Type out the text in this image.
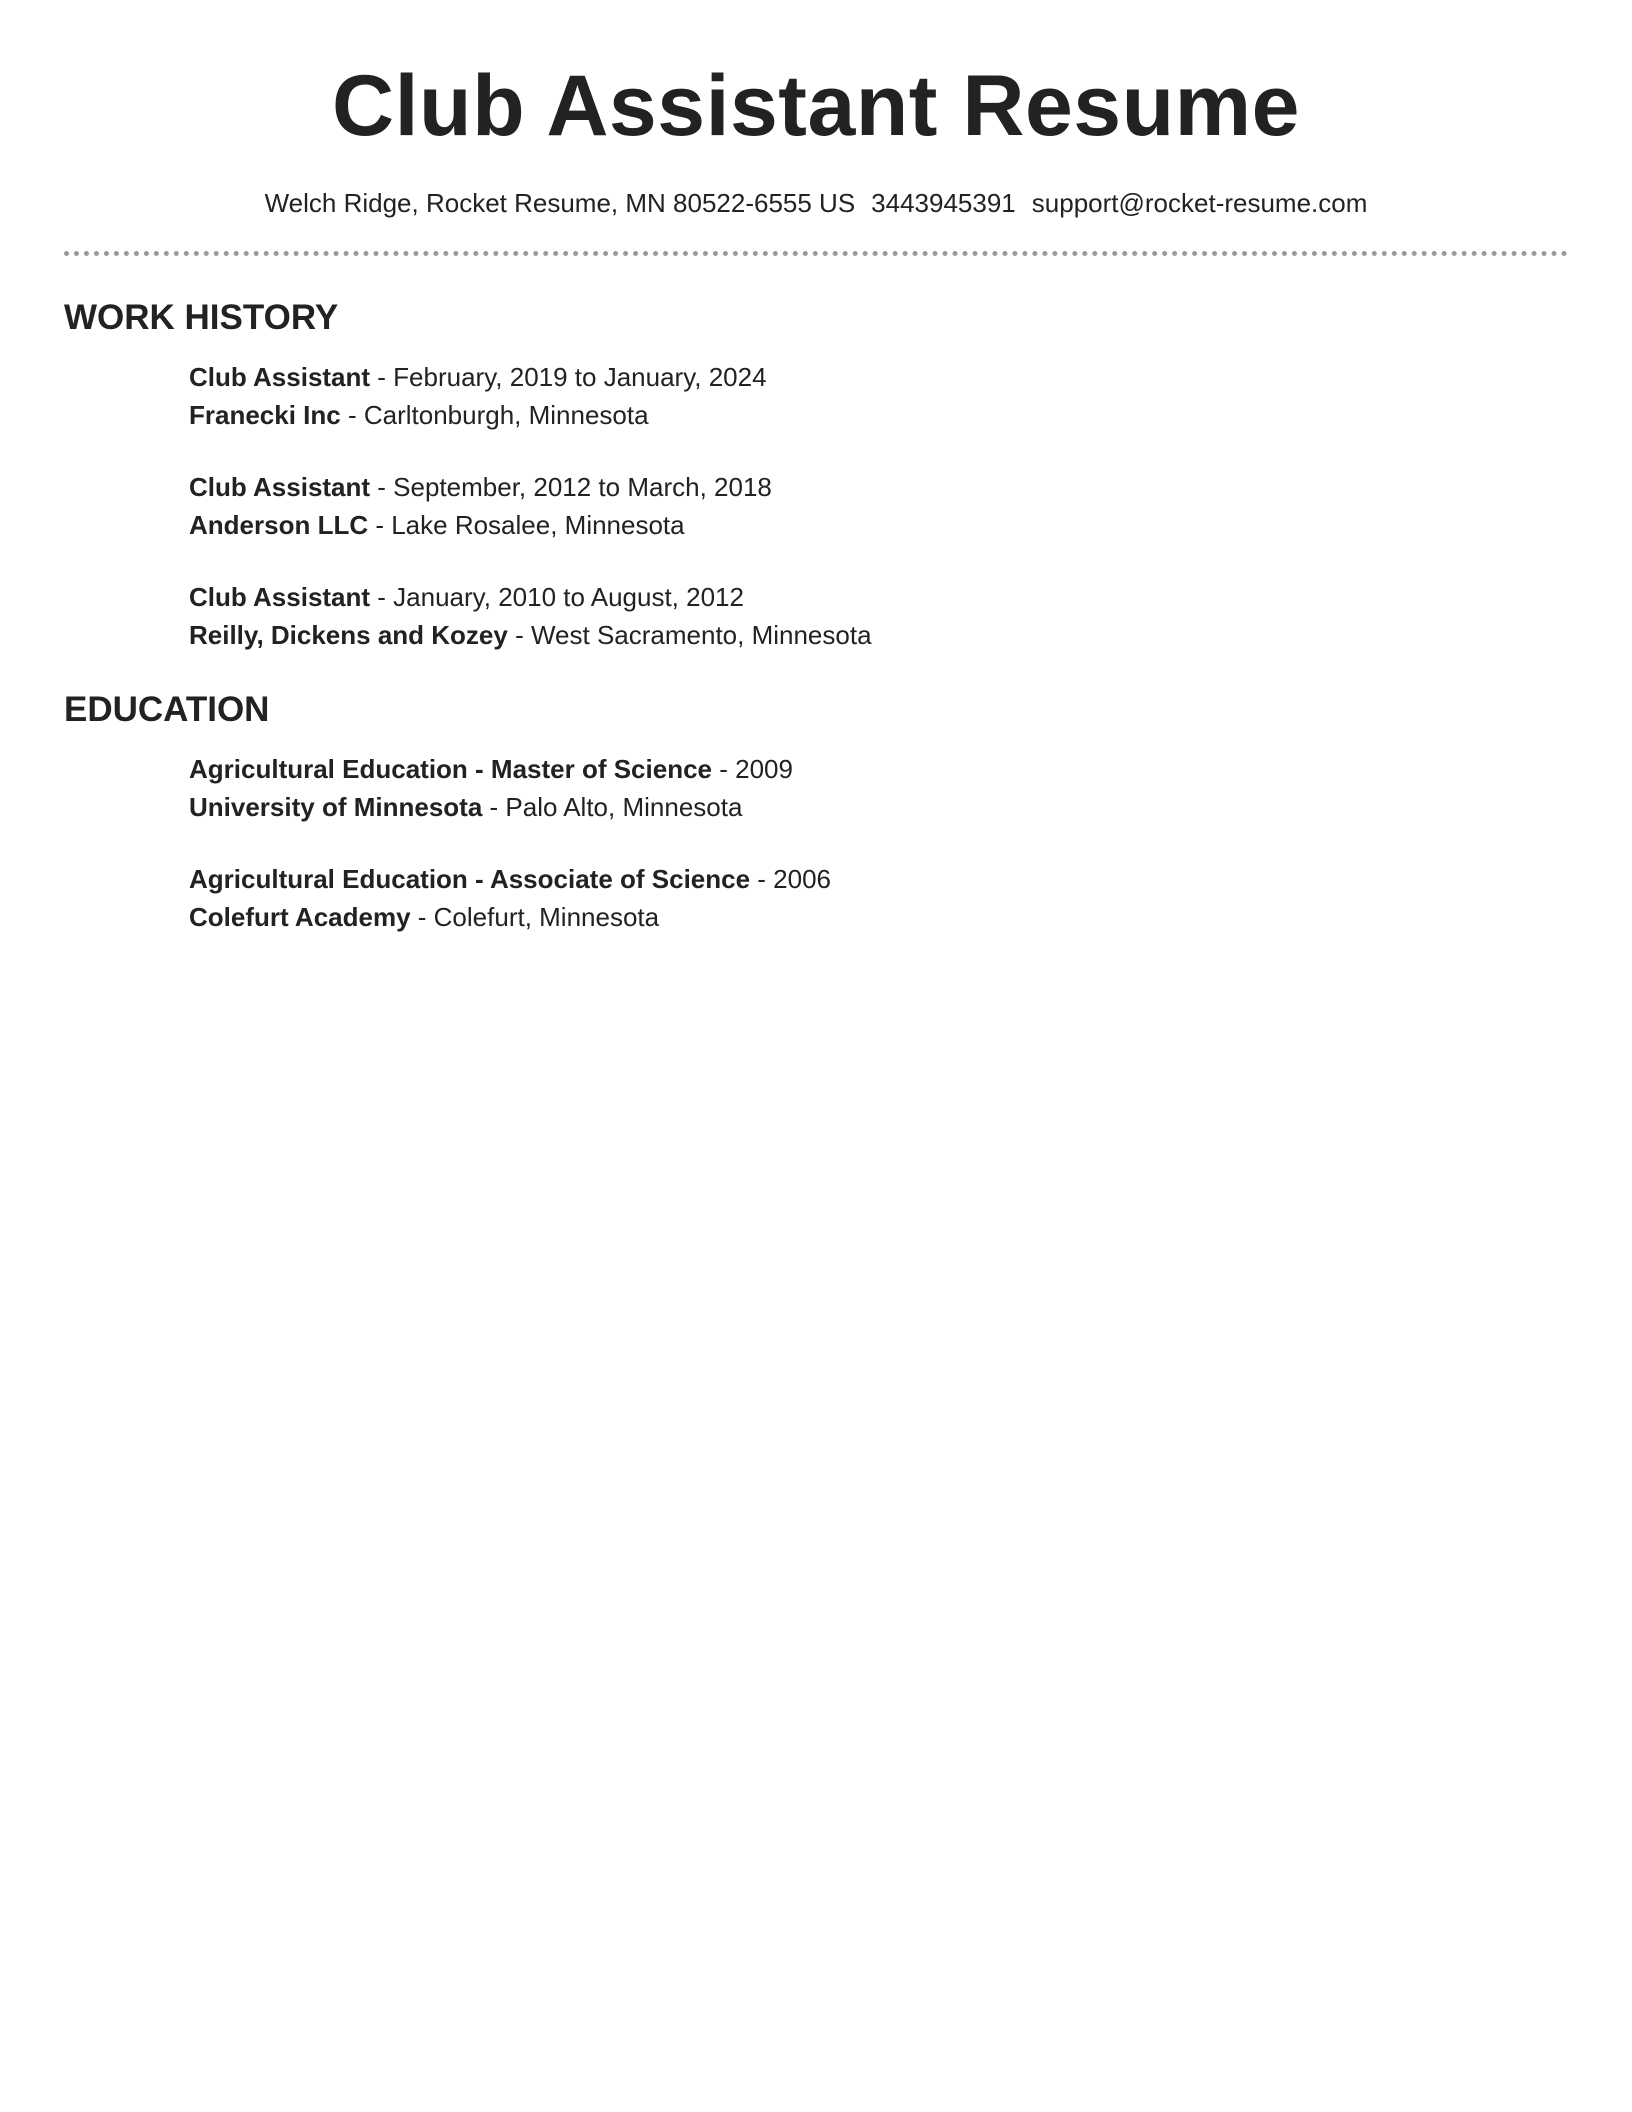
Club Assistant Resume
Welch Ridge, Rocket Resume, MN 80522-6555 US 3443945391 support@rocket-resume.com
WORK HISTORY
Club Assistant - February, 2019 to January, 2024
Franecki Inc - Carltonburgh, Minnesota
Club Assistant - September, 2012 to March, 2018
Anderson LLC - Lake Rosalee, Minnesota
Club Assistant - January, 2010 to August, 2012
Reilly, Dickens and Kozey - West Sacramento, Minnesota
EDUCATION
Agricultural Education - Master of Science - 2009
University of Minnesota - Palo Alto, Minnesota
Agricultural Education - Associate of Science - 2006
Colefurt Academy - Colefurt, Minnesota
